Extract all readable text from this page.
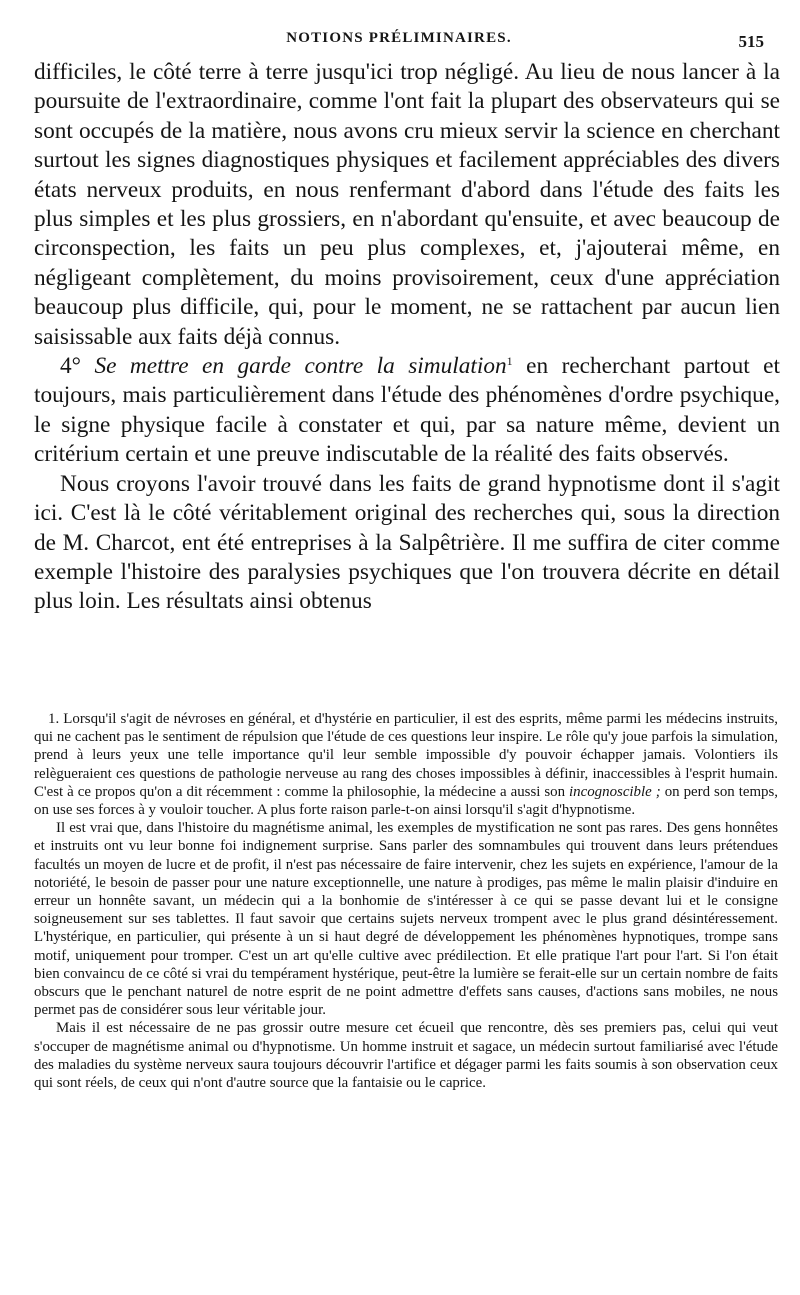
NOTIONS PRÉLIMINAIRES.	515

difficiles, le côté terre à terre jusqu'ici trop négligé. Au lieu de nous lancer à la poursuite de l'extraordinaire, comme l'ont fait la plupart des observateurs qui se sont occupés de la matière, nous avons cru mieux servir la science en cherchant surtout les signes diagnostiques physiques et facilement appréciables des divers états nerveux produits, en nous renfermant d'abord dans l'étude des faits les plus simples et les plus grossiers, en n'abordant qu'ensuite, et avec beaucoup de circonspection, les faits un peu plus complexes, et, j'ajouterai même, en négligeant complètement, du moins provisoirement, ceux d'une appréciation beaucoup plus difficile, qui, pour le moment, ne se rattachent par aucun lien saisissable aux faits déjà connus.

4° Se mettre en garde contre la simulation$^1$ en recherchant partout et toujours, mais particulièrement dans l'étude des phénomènes d'ordre psychique, le signe physique facile à constater et qui, par sa nature même, devient un critérium certain et une preuve indiscutable de la réalité des faits observés.

Nous croyons l'avoir trouvé dans les faits de grand hypnotisme dont il s'agit ici. C'est là le côté véritablement original des recherches qui, sous la direction de M. Charcot, ent été entreprises à la Salpêtrière. Il me suffira de citer comme exemple l'histoire des paralysies psychiques que l'on trouvera décrite en détail plus loin. Les résultats ainsi obtenus

1. Lorsqu'il s'agit de névroses en général, et d'hystérie en particulier, il est des esprits, même parmi les médecins instruits, qui ne cachent pas le sentiment de répulsion que l'étude de ces questions leur inspire. Le rôle qu'y joue parfois la simulation, prend à leurs yeux une telle importance qu'il leur semble impossible d'y pouvoir échapper jamais. Volontiers ils relègueraient ces questions de pathologie nerveuse au rang des choses impossibles à définir, inaccessibles à l'esprit humain. C'est à ce propos qu'on a dit récemment : comme la philosophie, la médecine a aussi son incognoscible ; on perd son temps, on use ses forces à y vouloir toucher. A plus forte raison parle-t-on ainsi lorsqu'il s'agit d'hypnotisme.

Il est vrai que, dans l'histoire du magnétisme animal, les exemples de mystification ne sont pas rares. Des gens honnêtes et instruits ont vu leur bonne foi indignement surprise. Sans parler des somnambules qui trouvent dans leurs prétendues facultés un moyen de lucre et de profit, il n'est pas nécessaire de faire intervenir, chez les sujets en expérience, l'amour de la notoriété, le besoin de passer pour une nature exceptionnelle, une nature à prodiges, pas même le malin plaisir d'induire en erreur un honnête savant, un médecin qui a la bonhomie de s'intéresser à ce qui se passe devant lui et le consigne soigneusement sur ses tablettes. Il faut savoir que certains sujets nerveux trompent avec le plus grand désintéressement. L'hystérique, en particulier, qui présente à un si haut degré de développement les phénomènes hypnotiques, trompe sans motif, uniquement pour tromper. C'est un art qu'elle cultive avec prédilection. Et elle pratique l'art pour l'art. Si l'on était bien convaincu de ce côté si vrai du tempérament hystérique, peut-être la lumière se ferait-elle sur un certain nombre de faits obscurs que le penchant naturel de notre esprit de ne point admettre d'effets sans causes, d'actions sans mobiles, ne nous permet pas de considérer sous leur véritable jour.

Mais il est nécessaire de ne pas grossir outre mesure cet écueil que rencontre, dès ses premiers pas, celui qui veut s'occuper de magnétisme animal ou d'hypnotisme. Un homme instruit et sagace, un médecin surtout familiarisé avec l'étude des maladies du système nerveux saura toujours découvrir l'artifice et dégager parmi les faits soumis à son observation ceux qui sont réels, de ceux qui n'ont d'autre source que la fantaisie ou le caprice.
